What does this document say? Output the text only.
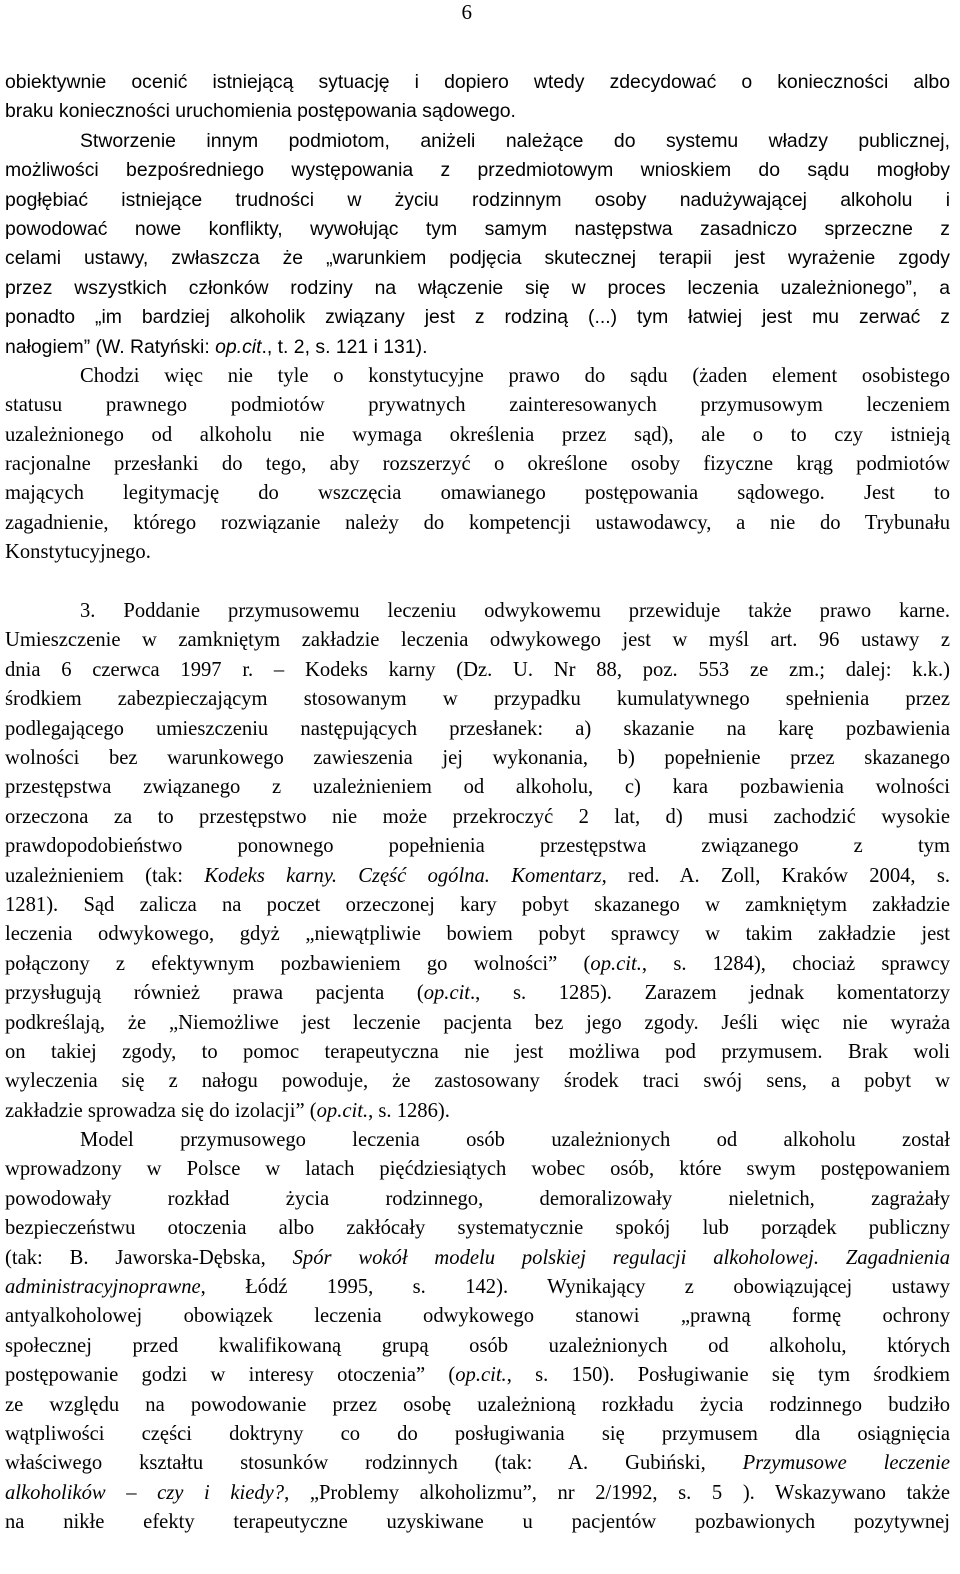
6
obiektywnie ocenić istniejącą sytuację i dopiero wtedy zdecydować o konieczności albo
braku konieczności uruchomienia postępowania sądowego.
Stworzenie innym podmiotom, aniżeli należące do systemu władzy publicznej,
możliwości bezpośredniego występowania z przedmiotowym wnioskiem do sądu mogłoby
pogłębiać istniejące trudności w życiu rodzinnym osoby nadużywającej alkoholu i
powodować nowe konflikty, wywołując tym samym następstwa zasadniczo sprzeczne z
celami ustawy, zwłaszcza że „warunkiem podjęcia skutecznej terapii jest wyrażenie zgody
przez wszystkich członków rodziny na włączenie się w proces leczenia uzależnionego”, a
ponadto „im bardziej alkoholik związany jest z rodziną (...) tym łatwiej jest mu zerwać z
nałogiem” (W. Ratyński: op.cit., t. 2, s. 121 i 131).
Chodzi więc nie tyle o konstytucyjne prawo do sądu (żaden element osobistego
statusu prawnego podmiotów prywatnych zainteresowanych przymusowym leczeniem
uzależnionego od alkoholu nie wymaga określenia przez sąd), ale o to czy istnieją
racjonalne przesłanki do tego, aby rozszerzyć o określone osoby fizyczne krąg podmiotów
mających legitymację do wszczęcia omawianego postępowania sądowego. Jest to
zagadnienie, którego rozwiązanie należy do kompetencji ustawodawcy, a nie do Trybunału
Konstytucyjnego.
3. Poddanie przymusowemu leczeniu odwykowemu przewiduje także prawo karne.
Umieszczenie w zamkniętym zakładzie leczenia odwykowego jest w myśl art. 96 ustawy z
dnia 6 czerwca 1997 r. – Kodeks karny (Dz. U. Nr 88, poz. 553 ze zm.; dalej: k.k.)
środkiem zabezpieczającym stosowanym w przypadku kumulatywnego spełnienia przez
podlegającego umieszczeniu następujących przesłanek: a) skazanie na karę pozbawienia
wolności bez warunkowego zawieszenia jej wykonania, b) popełnienie przez skazanego
przestępstwa związanego z uzależnieniem od alkoholu, c) kara pozbawienia wolności
orzeczona za to przestępstwo nie może przekroczyć 2 lat, d) musi zachodzić wysokie
prawdopodobieństwo ponownego popełnienia przestępstwa związanego z tym
uzależnieniem (tak: Kodeks karny. Część ogólna. Komentarz, red. A. Zoll, Kraków 2004, s.
1281). Sąd zalicza na poczet orzeczonej kary pobyt skazanego w zamkniętym zakładzie
leczenia odwykowego, gdyż „niewątpliwie bowiem pobyt sprawcy w takim zakładzie jest
połączony z efektywnym pozbawieniem go wolności” (op.cit., s. 1284), chociaż sprawcy
przysługują również prawa pacjenta (op.cit., s. 1285). Zarazem jednak komentatorzy
podkreślają, że „Niemożliwe jest leczenie pacjenta bez jego zgody. Jeśli więc nie wyraża
on takiej zgody, to pomoc terapeutyczna nie jest możliwa pod przymusem. Brak woli
wyleczenia się z nałogu powoduje, że zastosowany środek traci swój sens, a pobyt w
zakładzie sprowadza się do izolacji” (op.cit., s. 1286).
Model przymusowego leczenia osób uzależnionych od alkoholu został
wprowadzony w Polsce w latach pięćdziesiątych wobec osób, które swym postępowaniem
powodowały rozkład życia rodzinnego, demoralizowały nieletnich, zagrażały
bezpieczeństwu otoczenia albo zakłócały systematycznie spokój lub porządek publiczny
(tak: B. Jaworska-Dębska, Spór wokół modelu polskiej regulacji alkoholowej. Zagadnienia
administracyjnoprawne, Łódź 1995, s. 142). Wynikający z obowiązującej ustawy
antyalkoholowej obowiązek leczenia odwykowego stanowi „prawną formę ochrony
społecznej przed kwalifikowaną grupą osób uzależnionych od alkoholu, których
postępowanie godzi w interesy otoczenia” (op.cit., s. 150). Posługiwanie się tym środkiem
ze względu na powodowanie przez osobę uzależnioną rozkładu życia rodzinnego budziło
wątpliwości części doktryny co do posługiwania się przymusem dla osiągnięcia
właściwego kształtu stosunków rodzinnych (tak: A. Gubiński, Przymusowe leczenie
alkoholików – czy i kiedy?, „Problemy alkoholizmu”, nr 2/1992, s. 5 ). Wskazywano także
na nikłe efekty terapeutyczne uzyskiwane u pacjentów pozbawionych pozytywnej
